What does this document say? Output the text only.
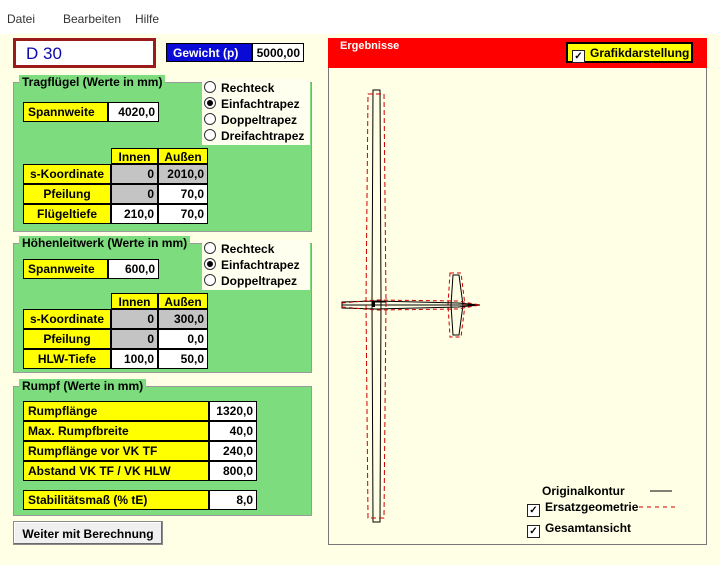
Datei Bearbeiten Hilfe
D 30	Gewicht (p)	5000,00
Tragflügel (Werte in mm)
Spannweite	4020,0
Rechteck
Einfachtrapez
Doppeltrapez
Dreifachtrapez
Innen	Außen
s-Koordinate	0	2010,0
Pfeilung	0	70,0
Flügeltiefe	210,0	70,0
Höhenleitwerk (Werte in mm)
Spannweite	600,0
Rechteck
Einfachtrapez
Doppeltrapez
Innen	Außen
s-Koordinate	0	300,0
Pfeilung	0	0,0
HLW-Tiefe	100,0	50,0
Rumpf (Werte in mm)
Rumpflänge	1320,0
Max. Rumpfbreite	40,0
Rumpflänge vor VK TF	240,0
Abstand VK TF / VK HLW	800,0
Stabilitätsmaß (% tE)	8,0
Weiter mit Berechnung
Ergebnisse
✓ Grafikdarstellung
Originalkontur
✓ Ersatzgeometrie
✓ Gesamtansicht
